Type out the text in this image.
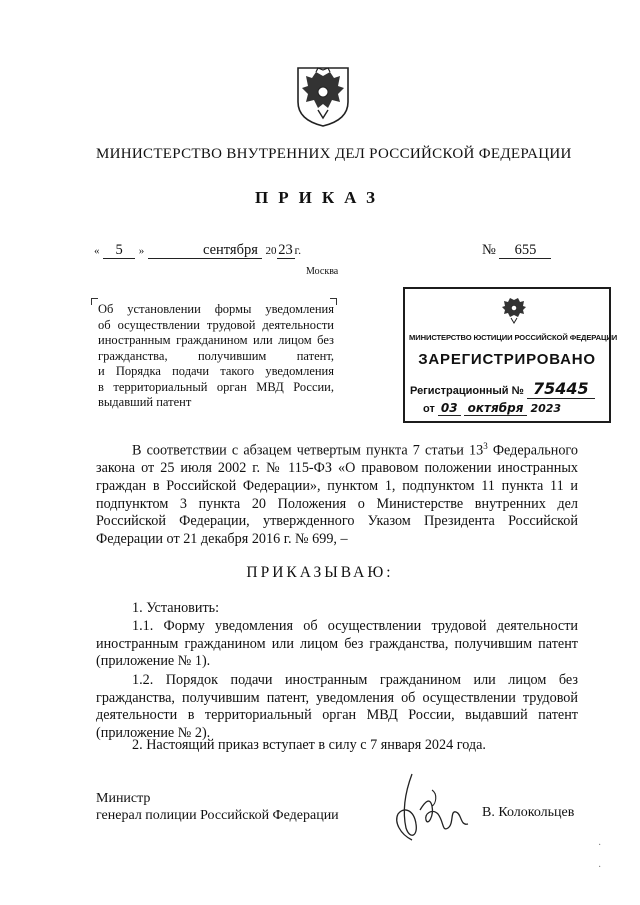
МИНИСТЕРСТВО ВНУТРЕННИХ ДЕЛ РОССИЙСКОЙ ФЕДЕРАЦИИ
ПРИКАЗ
« 5 »	сентября 20 23 г.	№ 655
Москва
Об установлении формы уведомления
об осуществлении трудовой деятельности
иностранным гражданином или лицом без
гражданства, получившим патент,
и Порядка подачи такого уведомления
в территориальный орган МВД России,
выдавший патент
МИНИСТЕРСТВО ЮСТИЦИИ РОССИЙСКОЙ ФЕДЕРАЦИИ
ЗАРЕГИСТРИРОВАНО
Регистрационный № 75445
от 03 октября 2023
В соответствии с абзацем четвертым пункта 7 статьи $13^3$ Федерального закона от 25 июля 2002 г. № 115-ФЗ «О правовом положении иностранных граждан в Российской Федерации», пунктом 1, подпунктом 11 пункта 11 и подпунктом 3 пункта 20 Положения о Министерстве внутренних дел Российской Федерации, утвержденного Указом Президента Российской Федерации от 21 декабря 2016 г. № 699, –
ПРИКАЗЫВАЮ:
1. Установить:
1.1. Форму уведомления об осуществлении трудовой деятельности иностранным гражданином или лицом без гражданства, получившим патент (приложение № 1).
1.2. Порядок подачи иностранным гражданином или лицом без гражданства, получившим патент, уведомления об осуществлении трудовой деятельности в территориальный орган МВД России, выдавший патент (приложение № 2).
2. Настоящий приказ вступает в силу с 7 января 2024 года.
Министр
генерал полиции Российской Федерации	В. Колокольцев
·
·
